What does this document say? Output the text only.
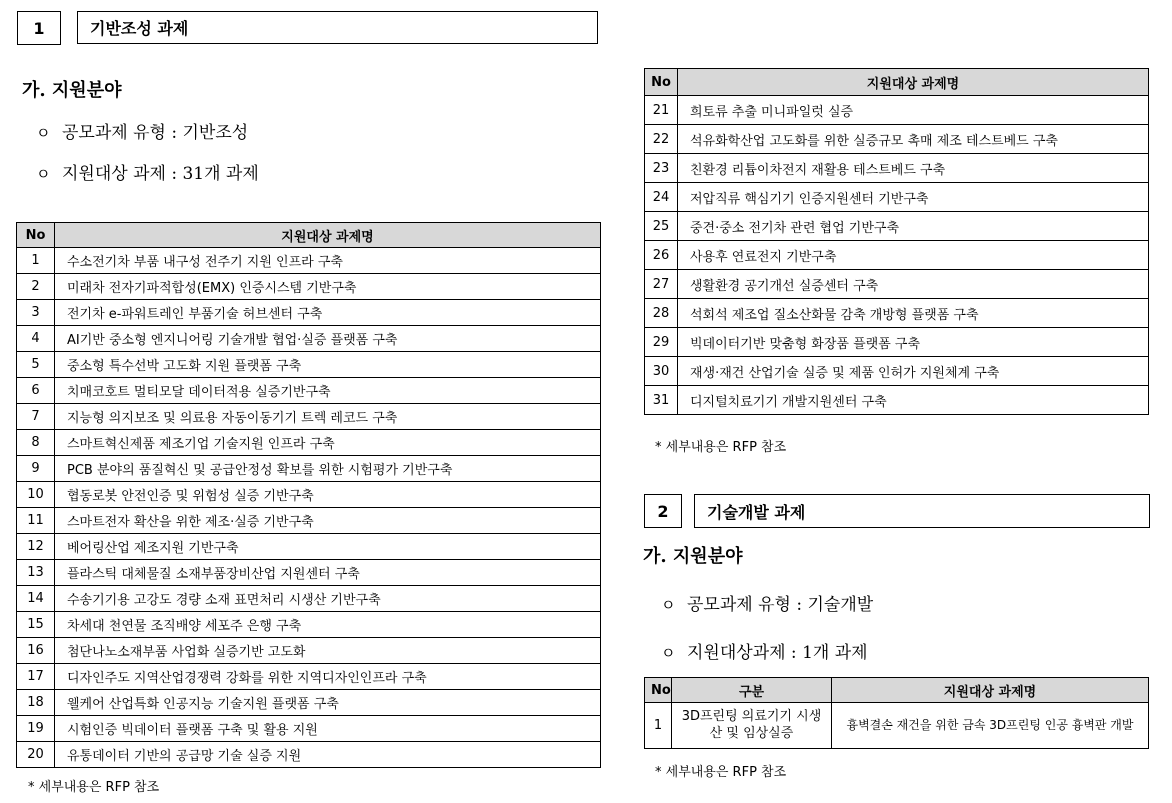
1	기반조성 과제
가. 지원분야
ㅇ 공모과제 유형 : 기반조성
ㅇ 지원대상 과제 : 31개 과제
No	지원대상 과제명
1	수소전기차 부품 내구성 전주기 지원 인프라 구축
2	미래차 전자기파적합성(EMX) 인증시스템 기반구축
3	전기차 e-파워트레인 부품기술 허브센터 구축
4	AI기반 중소형 엔지니어링 기술개발 협업·실증 플랫폼 구축
5	중소형 특수선박 고도화 지원 플랫폼 구축
6	치매코호트 멀티모달 데이터적용 실증기반구축
7	지능형 의지보조 및 의료용 자동이동기기 트렉 레코드 구축
8	스마트혁신제품 제조기업 기술지원 인프라 구축
9	PCB 분야의 품질혁신 및 공급안정성 확보를 위한 시험평가 기반구축
10	협동로봇 안전인증 및 위험성 실증 기반구축
11	스마트전자 확산을 위한 제조·실증 기반구축
12	베어링산업 제조지원 기반구축
13	플라스틱 대체물질 소재부품장비산업 지원센터 구축
14	수송기기용 고강도 경량 소재 표면처리 시생산 기반구축
15	차세대 천연물 조직배양 세포주 은행 구축
16	첨단나노소재부품 사업화 실증기반 고도화
17	디자인주도 지역산업경쟁력 강화를 위한 지역디자인인프라 구축
18	웰케어 산업특화 인공지능 기술지원 플랫폼 구축
19	시험인증 빅데이터 플랫폼 구축 및 활용 지원
20	유통데이터 기반의 공급망 기술 실증 지원
* 세부내용은 RFP 참조
No	지원대상 과제명
21	희토류 추출 미니파일럿 실증
22	석유화학산업 고도화를 위한 실증규모 촉매 제조 테스트베드 구축
23	친환경 리튬이차전지 재활용 테스트베드 구축
24	저압직류 핵심기기 인증지원센터 기반구축
25	중견·중소 전기차 관련 협업 기반구축
26	사용후 연료전지 기반구축
27	생활환경 공기개선 실증센터 구축
28	석회석 제조업 질소산화물 감축 개방형 플랫폼 구축
29	빅데이터기반 맞춤형 화장품 플랫폼 구축
30	재생·재건 산업기술 실증 및 제품 인허가 지원체계 구축
31	디지털치료기기 개발지원센터 구축
* 세부내용은 RFP 참조
2 기술개발 과제
가. 지원분야
ㅇ 공모과제 유형 : 기술개발
ㅇ 지원대상과제 : 1개 과제
No	구분	지원대상 과제명
1	3D프린팅 의료기기 시생산 및 임상실증	흉벽결손 재건을 위한 금속 3D프린팅 인공 흉벽판 개발
* 세부내용은 RFP 참조
